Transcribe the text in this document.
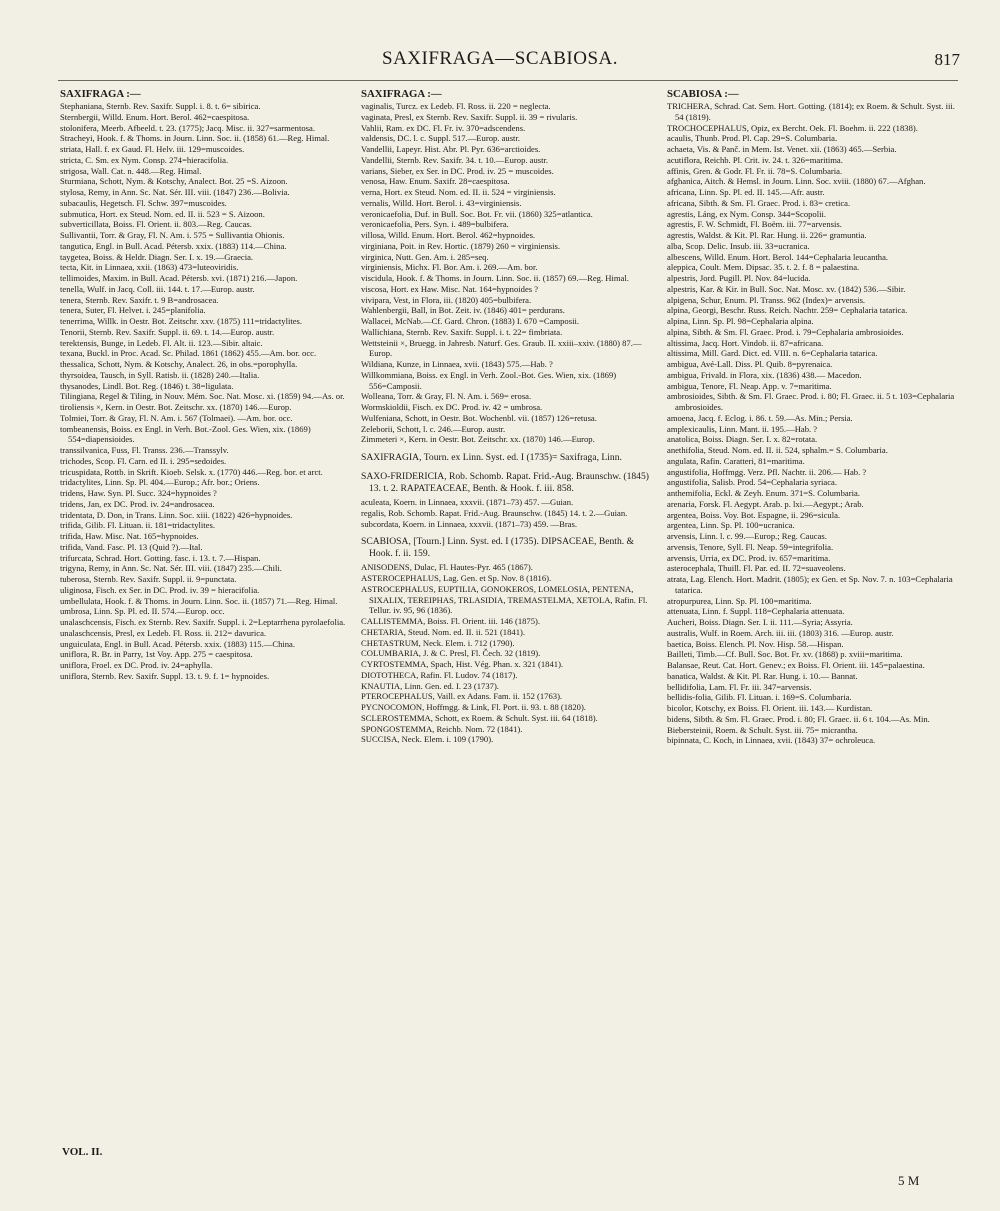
SAXIFRAGA—SCABIOSA.	817
SAXIFRAGA :—
Stephaniana, Sternb. Rev. Saxifr. Suppl. i. 8. t. 6= sibirica.
Sternbergii, Willd. Enum. Hort. Berol. 462=caespitosa.
stolonifera, Meerb. Afbeeld. t. 23. (1775); Jacq. Misc. ii. 327=sarmentosa.
Stracheyi, Hook. f. & Thoms. in Journ. Linn. Soc. ii. (1858) 61.—Reg. Himal.
striata, Hall. f. ex Gaud. Fl. Helv. iii. 129=muscoides.
stricta, C. Sm. ex Nym. Consp. 274=hieracifolia.
strigosa, Wall. Cat. n. 448.—Reg. Himal.
Sturmiana, Schott, Nym. & Kotschy, Analect. Bot. 25 =S. Aizoon.
stylosa, Remy, in Ann. Sc. Nat. Sér. III. viii. (1847) 236.—Bolivia.
subacaulis, Hegetsch. Fl. Schw. 397=muscoides.
submutica, Hort. ex Steud. Nom. ed. II. ii. 523 = S. Aizoon.
subverticillata, Boiss. Fl. Orient. ii. 803.—Reg. Caucas.
Sullivantii, Torr. & Gray, Fl. N. Am. i. 575 = Sullivantia Ohionis.
tangutica, Engl. in Bull. Acad. Pétersb. xxix. (1883) 114.—China.
taygetea, Boiss. & Heldr. Diagn. Ser. I. x. 19.—Graecia.
tecta, Kit. in Linnaea, xxii. (1863) 473=luteoviridis.
tellimoides, Maxim. in Bull. Acad. Pétersb. xvi. (1871) 216.—Japon.
tenella, Wulf. in Jacq. Coll. iii. 144. t. 17.—Europ. austr.
tenera, Sternb. Rev. Saxifr. t. 9 B=androsacea.
tenera, Suter, Fl. Helvet. i. 245=planifolia.
tenerrima, Willk. in Oestr. Bot. Zeitschr. xxv. (1875) 111=tridactylites.
Tenorii, Sternb. Rev. Saxifr. Suppl. ii. 69. t. 14.—Europ. austr.
terektensis, Bunge, in Ledeb. Fl. Alt. ii. 123.—Sibir. altaic.
texana, Buckl. in Proc. Acad. Sc. Philad. 1861 (1862) 455.—Am. bor. occ.
thessalica, Schott, Nym. & Kotschy, Analect. 26, in obs.=porophylla.
thyrsoidea, Tausch, in Syll. Ratisb. ii. (1828) 240.—Italia.
thysanodes, Lindl. Bot. Reg. (1846) t. 38=ligulata.
Tilingiana, Regel & Tiling, in Nouv. Mém. Soc. Nat. Mosc. xi. (1859) 94.—As. or.
tiroliensis ×, Kern. in Oestr. Bot. Zeitschr. xx. (1870) 146.—Europ.
Tolmiei, Torr. & Gray, Fl. N. Am. i. 567 (Tolmaei). —Am. bor. occ.
tombeanensis, Boiss. ex Engl. in Verh. Bot.-Zool. Ges. Wien, xix. (1869) 554=diapensioides.
transsilvanica, Fuss, Fl. Transs. 236.—Transsylv.
trichodes, Scop. Fl. Carn. ed II. i. 295=sedoides.
tricuspidata, Rottb. in Skrift. Kioeb. Selsk. x. (1770) 446.—Reg. bor. et arct.
tridactylites, Linn. Sp. Pl. 404.—Europ.; Afr. bor.; Oriens.
tridens, Haw. Syn. Pl. Succ. 324=hypnoides ?
tridens, Jan, ex DC. Prod. iv. 24=androsacea.
tridentata, D. Don, in Trans. Linn. Soc. xiii. (1822) 426=hypnoides.
trifida, Gilib. Fl. Lituan. ii. 181=tridactylites.
trifida, Haw. Misc. Nat. 165=hypnoides.
trifida, Vand. Fasc. Pl. 13 (Quid ?).—Ital.
trifurcata, Schrad. Hort. Gotting. fasc. i. 13. t. 7.—Hispan.
trigyna, Remy, in Ann. Sc. Nat. Sér. III. viii. (1847) 235.—Chili.
tuberosa, Sternb. Rev. Saxifr. Suppl. ii. 9=punctata.
uliginosa, Fisch. ex Ser. in DC. Prod. iv. 39 = hieracifolia.
umbellulata, Hook. f. & Thoms. in Journ. Linn. Soc. ii. (1857) 71.—Reg. Himal.
umbrosa, Linn. Sp. Pl. ed. II. 574.—Europ. occ.
unalaschcensis, Fisch. ex Sternb. Rev. Saxifr. Suppl. i. 2=Leptarrhena pyrolaefolia.
unalaschcensis, Presl, ex Ledeb. Fl. Ross. ii. 212= davurica.
unguiculata, Engl. in Bull. Acad. Pétersb. xxix. (1883) 115.—China.
uniflora, R. Br. in Parry, 1st Voy. App. 275 = caespitosa.
uniflora, Froel. ex DC. Prod. iv. 24=aphylla.
uniflora, Sternb. Rev. Saxifr. Suppl. 13. t. 9. f. 1= hypnoides.
SAXIFRAGA :—
vaginalis, Turcz. ex Ledeb. Fl. Ross. ii. 220 = neglecta.
vaginata, Presl, ex Sternb. Rev. Saxifr. Suppl. ii. 39 = rivularis.
Vahlii, Ram. ex DC. Fl. Fr. iv. 370=adscendens.
valdensis, DC. l. c. Suppl. 517.—Europ. austr.
Vandellii, Lapeyr. Hist. Abr. Pl. Pyr. 636=arctioides.
Vandellii, Sternb. Rev. Saxifr. 34. t. 10.—Europ. austr.
varians, Sieber, ex Ser. in DC. Prod. iv. 25 = muscoides.
venosa, Haw. Enum. Saxifr. 28=caespitosa.
verna, Hort. ex Steud. Nom. ed. II. ii. 524 = virginiensis.
vernalis, Willd. Hort. Berol. i. 43=virginiensis.
veronicaefolia, Duf. in Bull. Soc. Bot. Fr. vii. (1860) 325=atlantica.
veronicaefolia, Pers. Syn. i. 489=bulbifera.
villosa, Willd. Enum. Hort. Berol. 462=hypnoides.
virginiana, Poit. in Rev. Hortic. (1879) 260 = virginiensis.
virginica, Nutt. Gen. Am. i. 285=seq.
virginiensis, Michx. Fl. Bor. Am. i. 269.—Am. bor.
viscidula, Hook. f. & Thoms. in Journ. Linn. Soc. ii. (1857) 69.—Reg. Himal.
viscosa, Hort. ex Haw. Misc. Nat. 164=hypnoides ?
vivipara, Vest, in Flora, iii. (1820) 405=bulbifera.
Wahlenbergii, Ball, in Bot. Zeit. iv. (1846) 401= perdurans.
Wallacei, McNab.—Cf. Gard. Chron. (1883) I. 670 =Camposii.
Wallichiana, Sternb. Rev. Saxifr. Suppl. i. t. 22= fimbriata.
Wettsteinii ×, Bruegg. in Jahresb. Naturf. Ges. Graub. II. xxiii–xxiv. (1880) 87.—Europ.
Wildiana, Kunze, in Linnaea, xvii. (1843) 575.—Hab. ?
Willkommiana, Boiss. ex Engl. in Verh. Zool.-Bot. Ges. Wien, xix. (1869) 556=Camposii.
Wolleana, Torr. & Gray, Fl. N. Am. i. 569= erosa.
Wormskioldii, Fisch. ex DC. Prod. iv. 42 = umbrosa.
Wulfeniana, Schott, in Oestr. Bot. Wochenbl. vii. (1857) 126=retusa.
Zeleborii, Schott, l. c. 246.—Europ. austr.
Zimmeteri ×, Kern. in Oestr. Bot. Zeitschr. xx. (1870) 146.—Europ.
SAXIFRAGIA, Tourn. ex Linn. Syst. ed. I (1735)= Saxifraga, Linn.
SAXO-FRIDERICIA, Rob. Schomb. Rapat. Frid.-Aug. Braunschw. (1845) 13. t. 2. RAPATEACEAE, Benth. & Hook. f. iii. 858.
aculeata, Koern. in Linnaea, xxxvii. (1871–73) 457. —Guian.
regalis, Rob. Schomb. Rapat. Frid.-Aug. Braunschw. (1845) 14. t. 2.—Guian.
subcordata, Koern. in Linnaea, xxxvii. (1871–73) 459. —Bras.
SCABIOSA, [Tourn.] Linn. Syst. ed. I (1735). DIPSACEAE, Benth. & Hook. f. ii. 159.
ANISODENS, Dulac, Fl. Hautes-Pyr. 465 (1867).
ASTEROCEPHALUS, Lag. Gen. et Sp. Nov. 8 (1816).
ASTROCEPHALUS, EUPTILIA, GONOKEROS, LOMELOSIA, PENTENA, SIXALIX, TEREIPHAS, TRLASIDIA, TREMASTELMA, XETOLA, Rafin. Fl. Tellur. iv. 95, 96 (1836).
CALLISTEMMA, Boiss. Fl. Orient. iii. 146 (1875).
CHETARIA, Steud. Nom. ed. II. ii. 521 (1841).
CHETASTRUM, Neck. Elem. i. 712 (1790).
COLUMBARIA, J. & C. Presl, Fl. Čech. 32 (1819).
CYRTOSTEMMA, Spach, Hist. Vég. Phan. x. 321 (1841).
DIOTOTHECA, Rafin. Fl. Ludov. 74 (1817).
KNAUTIA, Linn. Gen. ed. I. 23 (1737).
PTEROCEPHALUS, Vaill. ex Adans. Fam. ii. 152 (1763).
PYCNOCOMON, Hoffmgg. & Link, Fl. Port. ii. 93. t. 88 (1820).
SCLEROSTEMMA, Schott, ex Roem. & Schult. Syst. iii. 64 (1818).
SPONGOSTEMMA, Reichb. Nom. 72 (1841).
SUCCISA, Neck. Elem. i. 109 (1790).
SCABIOSA :—
TRICHERA, Schrad. Cat. Sem. Hort. Gotting. (1814); ex Roem. & Schult. Syst. iii. 54 (1819).
TROCHOCEPHALUS, Opiz, ex Bercht. Oek. Fl. Boehm. ii. 222 (1838).
acaulis, Thunb. Prod. Pl. Cap. 29=S. Columbaria.
achaeta, Vis. & Panč. in Mem. Ist. Venet. xii. (1863) 465.—Serbia.
acutiflora, Reichb. Pl. Crit. iv. 24. t. 326=maritima.
affinis, Gren. & Godr. Fl. Fr. ii. 78=S. Columbaria.
afghanica, Aitch. & Hemsl. in Journ. Linn. Soc. xviii. (1880) 67.—Afghan.
africana, Linn. Sp. Pl. ed. II. 145.—Afr. austr.
africana, Sibth. & Sm. Fl. Graec. Prod. i. 83= cretica.
agrestis, Láng, ex Nym. Consp. 344=Scopolii.
agrestis, F. W. Schmidt, Fl. Boëm. iii. 77=arvensis.
agrestis, Waldst. & Kit. Pl. Rar. Hung. ii. 226= gramuntia.
alba, Scop. Delic. Insub. iii. 33=ucranica.
albescens, Willd. Enum. Hort. Berol. 144=Cephalaria leucantha.
aleppica, Coult. Mem. Dipsac. 35. t. 2. f. 8 = palaestina.
alpestris, Jord. Pugill. Pl. Nov. 84=lucida.
alpestris, Kar. & Kir. in Bull. Soc. Nat. Mosc. xv. (1842) 536.—Sibir.
alpigena, Schur, Enum. Pl. Transs. 962 (Index)= arvensis.
alpina, Georgi, Beschr. Russ. Reich. Nachtr. 259= Cephalaria tatarica.
alpina, Linn. Sp. Pl. 98=Cephalaria alpina.
alpina, Sibth. & Sm. Fl. Graec. Prod. i. 79=Cephalaria ambrosioides.
altissima, Jacq. Hort. Vindob. ii. 87=africana.
altissima, Mill. Gard. Dict. ed. VIII. n. 6=Cephalaria tatarica.
ambigua, Avé-Lall. Diss. Pl. Quib. 8=pyrenaica.
ambigua, Frivald. in Flora, xix. (1836) 438.— Macedon.
ambigua, Tenore, Fl. Neap. App. v. 7=maritima.
ambrosioides, Sibth. & Sm. Fl. Graec. Prod. i. 80; Fl. Graec. ii. 5 t. 103=Cephalaria ambrosioides.
amoena, Jacq. f. Eclog. i. 86. t. 59.—As. Min.; Persia.
amplexicaulis, Linn. Mant. ii. 195.—Hab. ?
anatolica, Boiss. Diagn. Ser. I. x. 82=rotata.
anethifolia, Steud. Nom. ed. II. ii. 524, sphalm.= S. Columbaria.
angulata, Rafin. Caratteri, 81=maritima.
angustifolia, Hoffmgg. Verz. Pfl. Nachtr. ii. 206.— Hab. ?
angustifolia, Salisb. Prod. 54=Cephalaria syriaca.
anthemifolia, Eckl. & Zeyh. Enum. 371=S. Columbaria.
arenaria, Forsk. Fl. Aegypt. Arab. p. lxi.—Aegypt.; Arab.
argentea, Boiss. Voy. Bot. Espagne, ii. 296=sicula.
argentea, Linn. Sp. Pl. 100=ucranica.
arvensis, Linn. l. c. 99.—Europ.; Reg. Caucas.
arvensis, Tenore, Syll. Fl. Neap. 59=integrifolia.
arvensis, Urria, ex DC. Prod. iv. 657=maritima.
asterocephala, Thuill. Fl. Par. ed. II. 72=suaveolens.
atrata, Lag. Elench. Hort. Madrit. (1805); ex Gen. et Sp. Nov. 7. n. 103=Cephalaria tatarica.
atropurpurea, Linn. Sp. Pl. 100=maritima.
attenuata, Linn. f. Suppl. 118=Cephalaria attenuata.
Aucheri, Boiss. Diagn. Ser. I. ii. 111.—Syria; Assyria.
australis, Wulf. in Roem. Arch. iii. iii. (1803) 316. —Europ. austr.
baetica, Boiss. Elench. Pl. Nov. Hisp. 58.—Hispan.
Bailleti, Timb.—Cf. Bull. Soc. Bot. Fr. xv. (1868) p. xviii=maritima.
Balansae, Reut. Cat. Hort. Genev.; ex Boiss. Fl. Orient. iii. 145=palaestina.
banatica, Waldst. & Kit. Pl. Rar. Hung. i. 10.— Bannat.
bellidifolia, Lam. Fl. Fr. iii. 347=arvensis.
bellidis-folia, Gilib. Fl. Lituan. i. 169=S. Columbaria.
bicolor, Kotschy, ex Boiss. Fl. Orient. iii. 143.— Kurdistan.
bidens, Sibth. & Sm. Fl. Graec. Prod. i. 80; Fl. Graec. ii. 6 t. 104.—As. Min.
Biebersteinii, Roem. & Schult. Syst. iii. 75= micrantha.
bipinnata, C. Koch, in Linnaea, xvii. (1843) 37= ochroleuca.
VOL. II.
5 M
